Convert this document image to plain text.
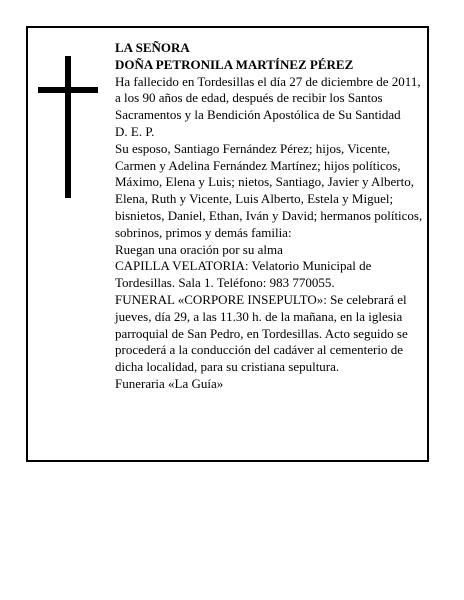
LA SEÑORA

DOÑA PETRONILA MARTÍNEZ PÉREZ

Ha fallecido en Tordesillas el día 27 de diciembre de 2011, a los 90 años de edad, después de recibir los Santos Sacramentos y la Bendición Apostólica de Su Santidad

D. E. P.

Su esposo, Santiago Fernández Pérez; hijos, Vicente, Carmen y Adelina Fernández Martínez; hijos políticos, Máximo, Elena y Luis; nietos, Santiago, Javier y Alberto, Elena, Ruth y Vicente, Luis Alberto, Estela y Miguel; bisnietos, Daniel, Ethan, Iván y David; hermanos políticos, sobrinos, primos y demás familia:

Ruegan una oración por su alma

CAPILLA VELATORIA: Velatorio Municipal de Tordesillas. Sala 1. Teléfono: 983 770055.

FUNERAL «CORPORE INSEPULTO»: Se celebrará el jueves, día 29, a las 11.30 h. de la mañana, en la iglesia parroquial de San Pedro, en Tordesillas. Acto seguido se procederá a la conducción del cadáver al cementerio de dicha localidad, para su cristiana sepultura.

Funeraria «La Guía»
